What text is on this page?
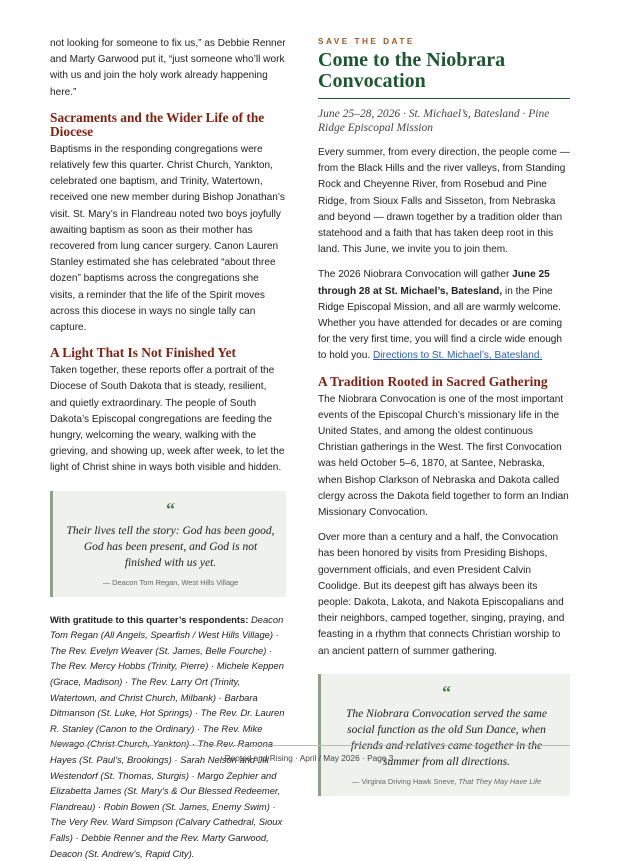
not looking for someone to fix us,” as Debbie Renner and Marty Garwood put it, “just someone who’ll work with us and join the holy work already happening here.”

Sacraments and the Wider Life of the Diocese

Baptisms in the responding congregations were relatively few this quarter. Christ Church, Yankton, celebrated one baptism, and Trinity, Watertown, received one new member during Bishop Jonathan’s visit. St. Mary’s in Flandreau noted two boys joyfully awaiting baptism as soon as their mother has recovered from lung cancer surgery. Canon Lauren Stanley estimated she has celebrated “about three dozen” baptisms across the congregations she visits, a reminder that the life of the Spirit moves across this diocese in ways no single tally can capture.

A Light That Is Not Finished Yet

Taken together, these reports offer a portrait of the Diocese of South Dakota that is steady, resilient, and quietly extraordinary. The people of South Dakota’s Episcopal congregations are feeding the hungry, welcoming the weary, walking with the grieving, and showing up, week after week, to let the light of Christ shine in ways both visible and hidden.

“
Their lives tell the story: God has been good, God has been present, and God is not finished with us yet.
— Deacon Tom Regan, West Hills Village
With gratitude to this quarter’s respondents: Deacon Tom Regan (All Angels, Spearfish / West Hills Village) · The Rev. Evelyn Weaver (St. James, Belle Fourche) · The Rev. Mercy Hobbs (Trinity, Pierre) · Michele Keppen (Grace, Madison) · The Rev. Larry Ort (Trinity, Watertown, and Christ Church, Milbank) · Barbara Ditmanson (St. Luke, Hot Springs) · The Rev. Dr. Lauren R. Stanley (Canon to the Ordinary) · The Rev. Mike Newago (Christ Church, Yankton) · The Rev. Ramona Hayes (St. Paul’s, Brookings) · Sarah Nelson and Jill Westendorf (St. Thomas, Sturgis) · Margo Zephier and Elizabetta James (St. Mary’s & Our Blessed Redeemer, Flandreau) · Robin Bowen (St. James, Enemy Swim) · The Very Rev. Ward Simpson (Calvary Cathedral, Sioux Falls) · Debbie Renner and the Rev. Marty Garwood, Deacon (St. Andrew’s, Rapid City).
SAVE THE DATE
Come to the Niobrara Convocation
June 25–28, 2026 · St. Michael’s, Batesland · Pine Ridge Episcopal Mission

Every summer, from every direction, the people come — from the Black Hills and the river valleys, from Standing Rock and Cheyenne River, from Rosebud and Pine Ridge, from Sioux Falls and Sisseton, from Nebraska and beyond — drawn together by a tradition older than statehood and a faith that has taken deep root in this land. This June, we invite you to join them.

The 2026 Niobrara Convocation will gather June 25 through 28 at St. Michael’s, Batesland, in the Pine Ridge Episcopal Mission, and all are warmly welcome. Whether you have attended for decades or are coming for the very first time, you will find a circle wide enough to hold you. Directions to St. Michael’s, Batesland.

A Tradition Rooted in Sacred Gathering

The Niobrara Convocation is one of the most important events of the Episcopal Church’s missionary life in the United States, and among the oldest continuous Christian gatherings in the West. The first Convocation was held October 5–6, 1870, at Santee, Nebraska, when Bishop Clarkson of Nebraska and Dakota called clergy across the Dakota field together to form an Indian Missionary Convocation.

Over more than a century and a half, the Convocation has been honored by visits from Presiding Bishops, government officials, and even President Calvin Coolidge. But its deepest gift has always been its people: Dakota, Lakota, and Nakota Episcopalians and their neighbors, camped together, singing, praying, and feasting in a rhythm that connects Christian worship to an ancient pattern of summer gathering.

“
The Niobrara Convocation served the same social function as the old Sun Dance, when friends and relatives came together in the summer from all directions.
— Virginia Driving Hawk Sneve, That They May Have Life
Rooted and Rising · April / May 2026 · Page 3
